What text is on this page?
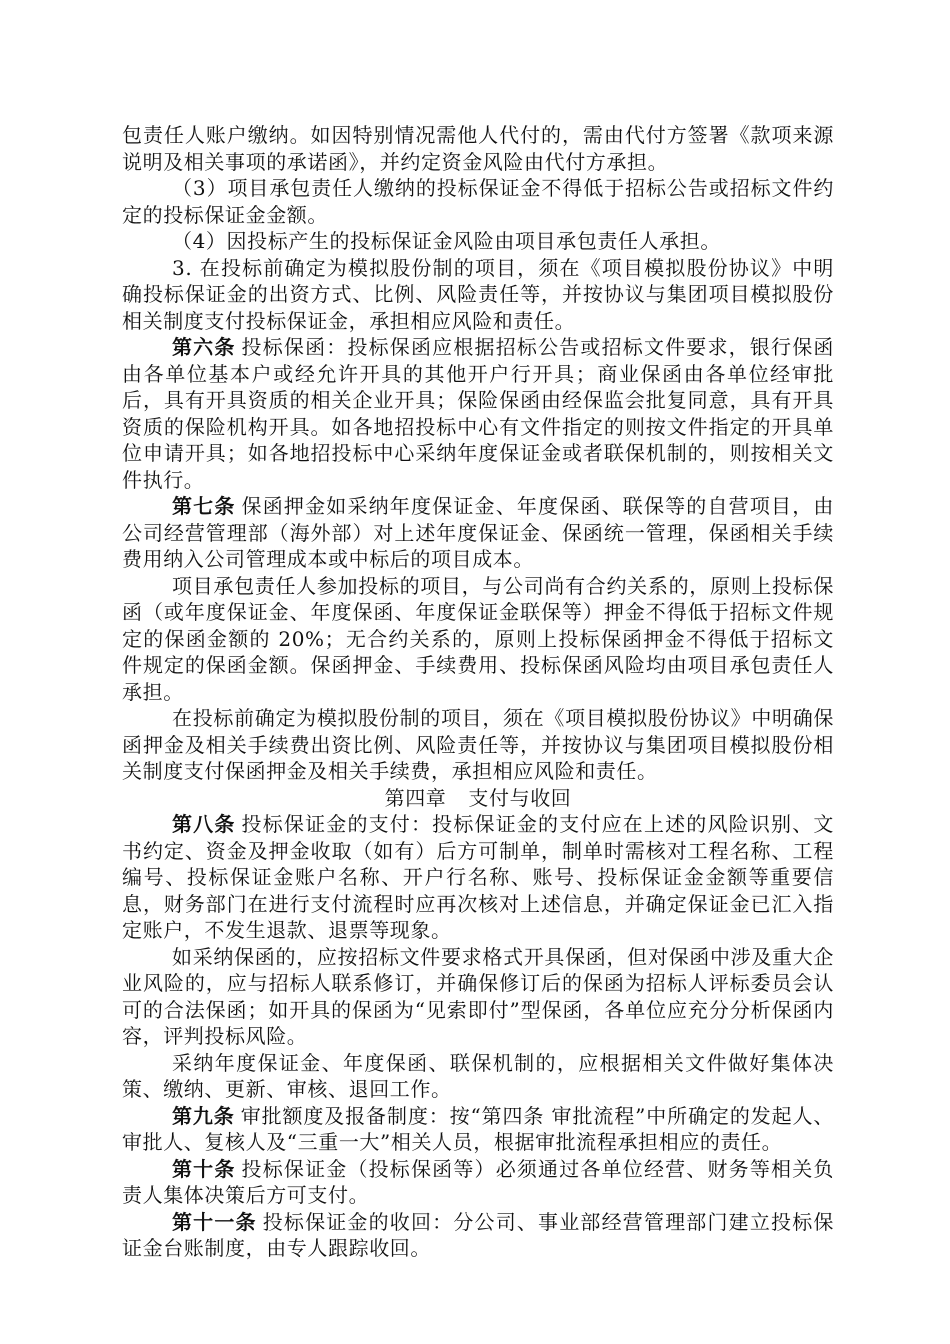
包责任人账户缴纳。如因特别情况需他人代付的，需由代付方签署《款项来源说明及相关事项的承诺函》，并约定资金风险由代付方承担。

（3）项目承包责任人缴纳的投标保证金不得低于招标公告或招标文件约定的投标保证金金额。

（4）因投标产生的投标保证金风险由项目承包责任人承担。

3. 在投标前确定为模拟股份制的项目，须在《项目模拟股份协议》中明确投标保证金的出资方式、比例、风险责任等，并按协议与集团项目模拟股份相关制度支付投标保证金，承担相应风险和责任。

第六条 投标保函：投标保函应根据招标公告或招标文件要求，银行保函由各单位基本户或经允许开具的其他开户行开具；商业保函由各单位经审批后，具有开具资质的相关企业开具；保险保函由经保监会批复同意，具有开具资质的保险机构开具。如各地招投标中心有文件指定的则按文件指定的开具单位申请开具；如各地招投标中心采纳年度保证金或者联保机制的，则按相关文件执行。

第七条 保函押金如采纳年度保证金、年度保函、联保等的自营项目，由公司经营管理部（海外部）对上述年度保证金、保函统一管理，保函相关手续费用纳入公司管理成本或中标后的项目成本。

项目承包责任人参加投标的项目，与公司尚有合约关系的，原则上投标保函（或年度保证金、年度保函、年度保证金联保等）押金不得低于招标文件规定的保函金额的 20%；无合约关系的，原则上投标保函押金不得低于招标文件规定的保函金额。保函押金、手续费用、投标保函风险均由项目承包责任人承担。

在投标前确定为模拟股份制的项目，须在《项目模拟股份协议》中明确保函押金及相关手续费出资比例、风险责任等，并按协议与集团项目模拟股份相关制度支付保函押金及相关手续费，承担相应风险和责任。

第四章 支付与收回

第八条 投标保证金的支付：投标保证金的支付应在上述的风险识别、文书约定、资金及押金收取（如有）后方可制单，制单时需核对工程名称、工程编号、投标保证金账户名称、开户行名称、账号、投标保证金金额等重要信息，财务部门在进行支付流程时应再次核对上述信息，并确定保证金已汇入指定账户，不发生退款、退票等现象。

如采纳保函的，应按招标文件要求格式开具保函，但对保函中涉及重大企业风险的，应与招标人联系修订，并确保修订后的保函为招标人评标委员会认可的合法保函；如开具的保函为“见索即付”型保函，各单位应充分分析保函内容，评判投标风险。

采纳年度保证金、年度保函、联保机制的，应根据相关文件做好集体决策、缴纳、更新、审核、退回工作。

第九条 审批额度及报备制度：按“第四条 审批流程”中所确定的发起人、审批人、复核人及“三重一大”相关人员，根据审批流程承担相应的责任。

第十条 投标保证金（投标保函等）必须通过各单位经营、财务等相关负责人集体决策后方可支付。

第十一条 投标保证金的收回：分公司、事业部经营管理部门建立投标保证金台账制度，由专人跟踪收回。
